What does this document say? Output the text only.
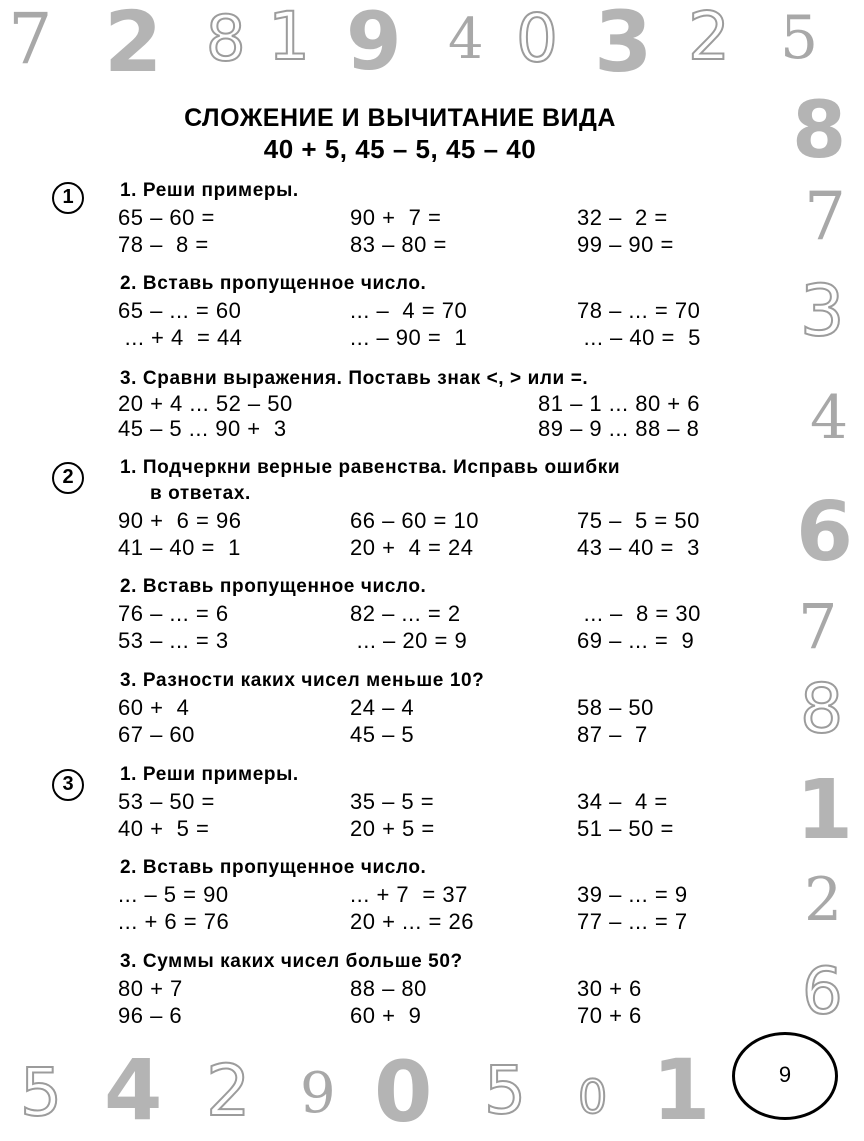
7 2 8 1 9 4 0 3 2 5
8
7
3
4
6
7
8
1
2
6
5 4 2 9 0 5 0 1
СЛОЖЕНИЕ И ВЫЧИТАНИЕ ВИДА
40 + 5, 45 – 5, 45 – 40
1	1. Реши примеры.
65 – 60 =	90 +  7 =	32 –  2 =
78 –  8 =	83 – 80 =	99 – 90 =
2. Вставь пропущенное число.
65 – ... = 60	... –  4 = 70	78 – ... = 70
... + 4  = 44	... – 90 =  1	... – 40 =  5
3. Сравни выражения. Поставь знак <, > или =.
20 + 4 ... 52 – 50	81 – 1 ... 80 + 6
45 – 5 ... 90 +  3	89 – 9 ... 88 – 8
2	1. Подчеркни верные равенства. Исправь ошибки
в ответах.
90 +  6 = 96	66 – 60 = 10	75 –  5 = 50
41 – 40 =  1	20 +  4 = 24	43 – 40 =  3
2. Вставь пропущенное число.
76 – ... = 6	82 – ... = 2	... –  8 = 30
53 – ... = 3	... – 20 = 9	69 – ... =  9
3. Разности каких чисел меньше 10?
60 +  4	24 – 4	58 – 50
67 – 60	45 – 5	87 –  7
3	1. Реши примеры.
53 – 50 =	35 – 5 =	34 –  4 =
40 +  5 =	20 + 5 =	51 – 50 =
2. Вставь пропущенное число.
... – 5 = 90	... + 7  = 37	39 – ... = 9
... + 6 = 76	20 + ... = 26	77 – ... = 7
3. Суммы каких чисел больше 50?
80 + 7	88 – 80	30 + 6
96 – 6	60 +  9	70 + 6
9
